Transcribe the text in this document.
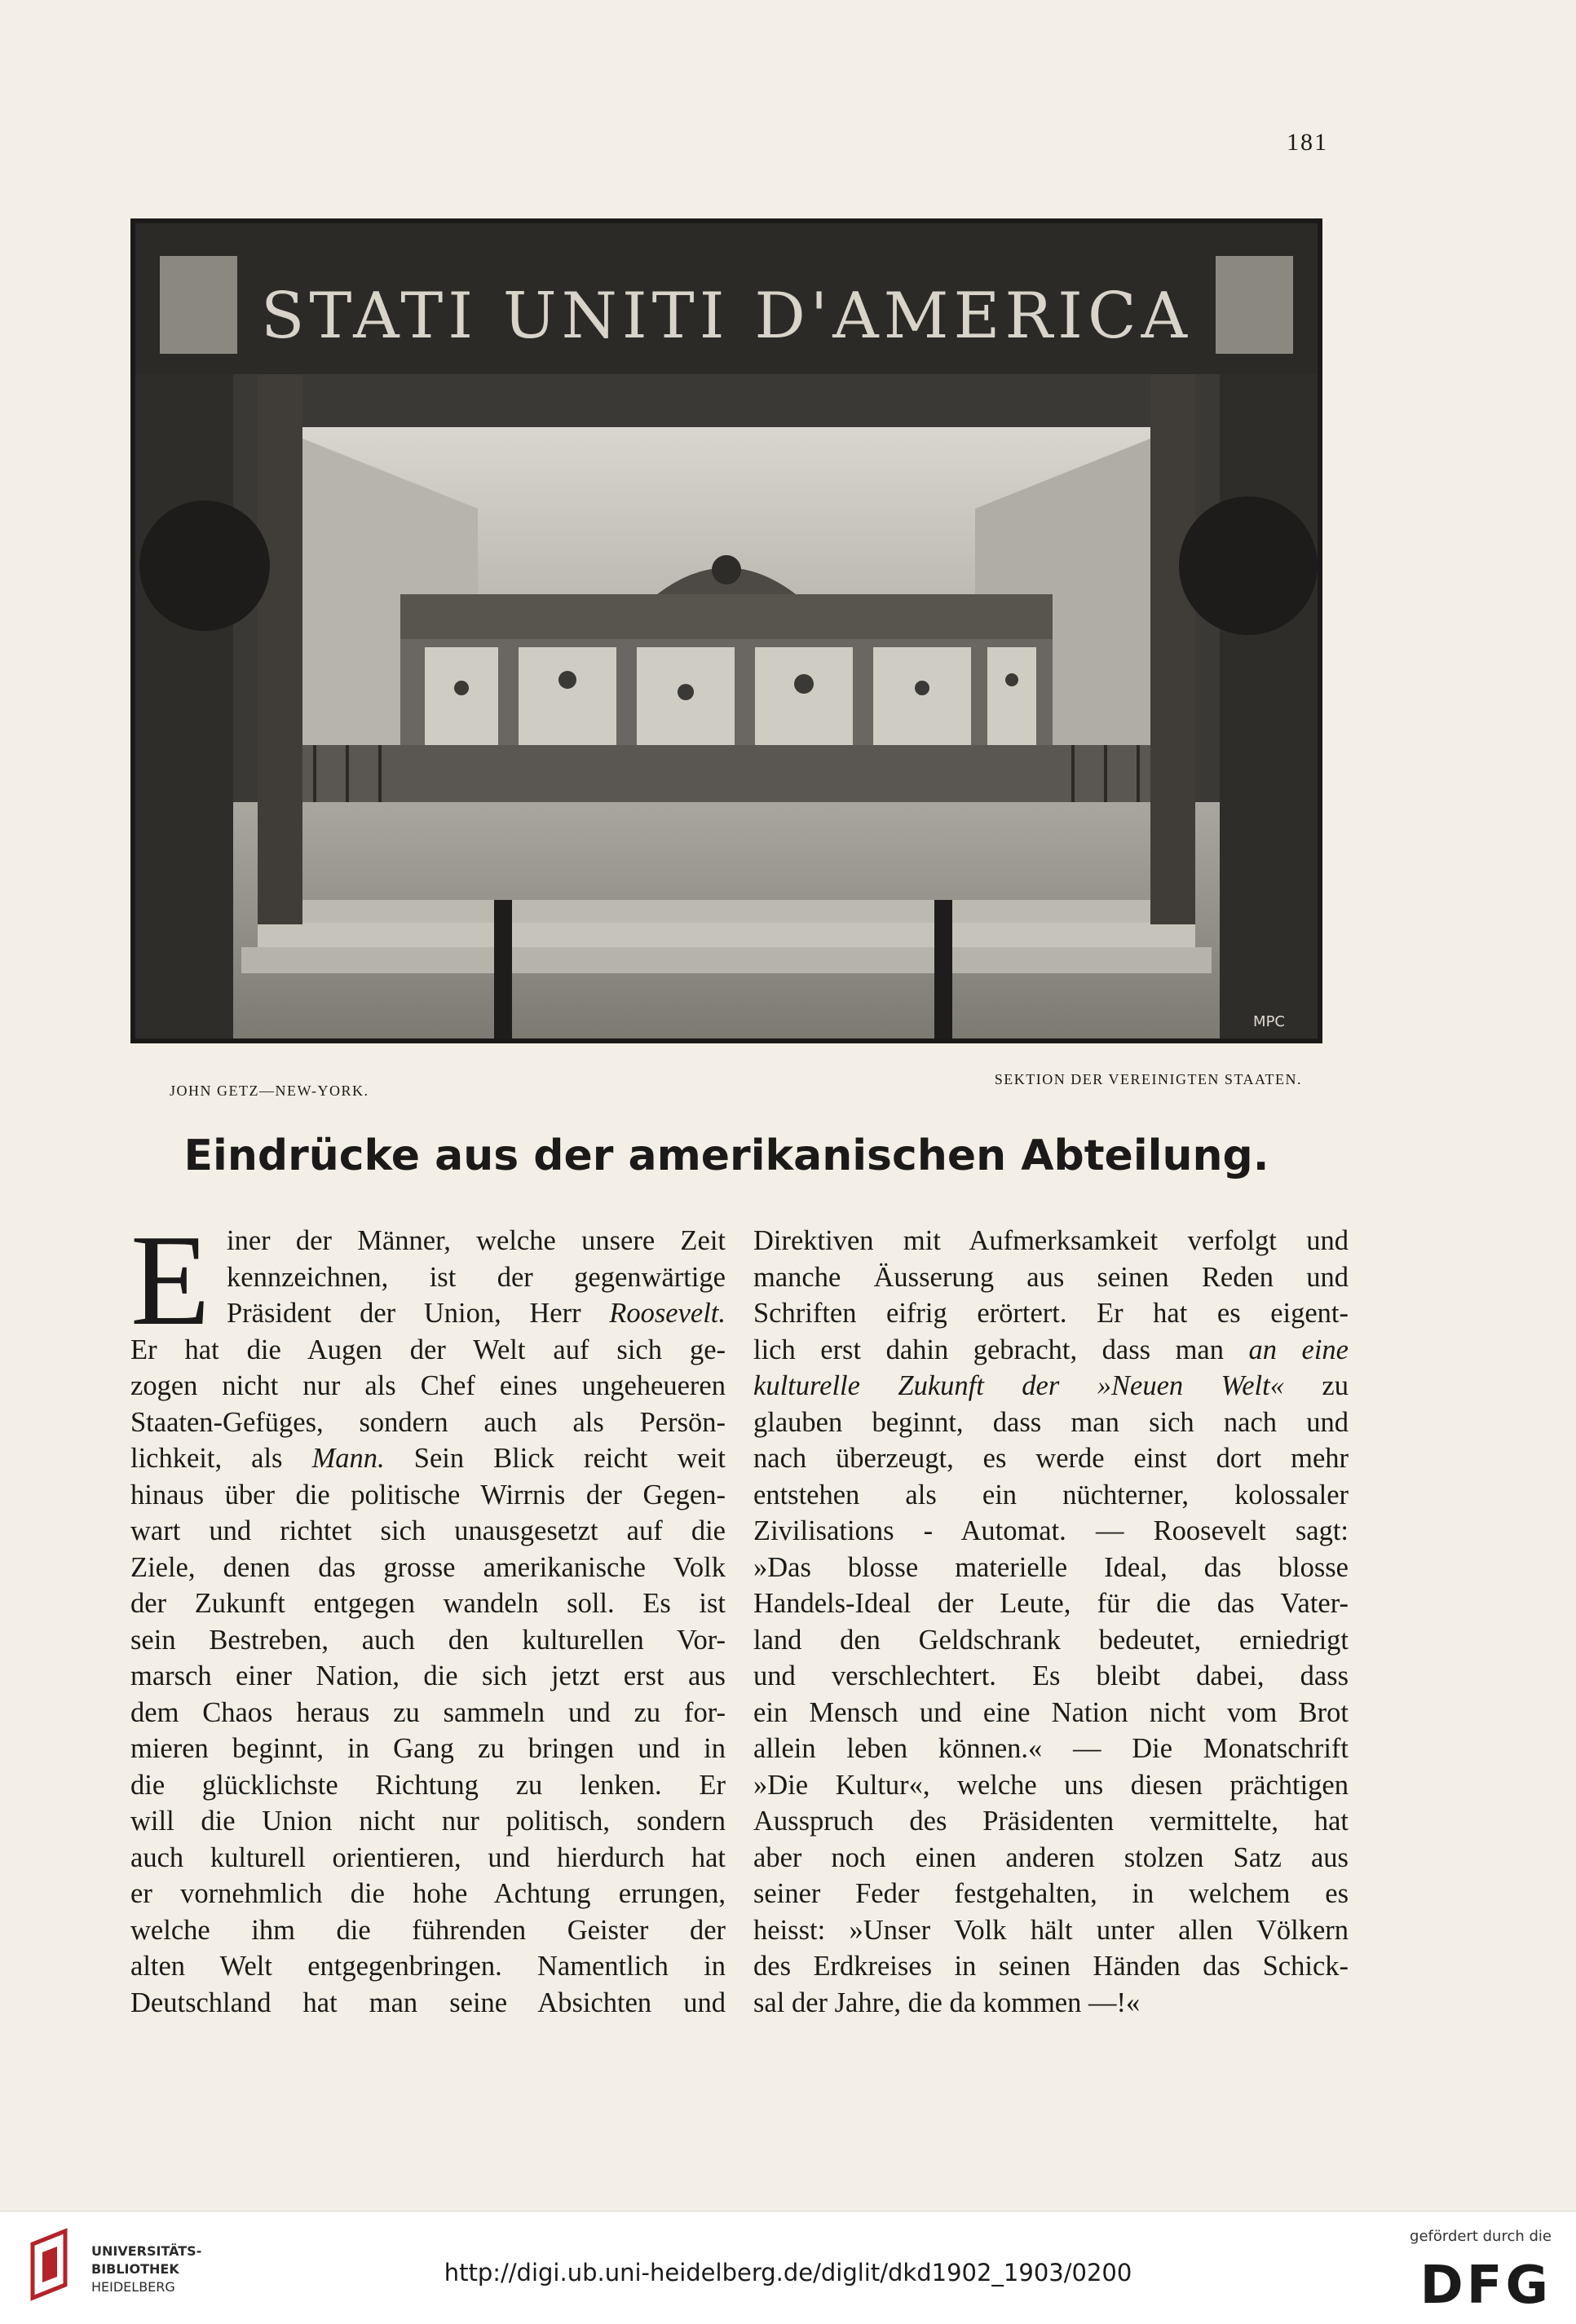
181
STATI UNITI D'AMERICA
MPC
JOHN GETZ—NEW-YORK.
SEKTION DER VEREINIGTEN STAATEN.
Eindrücke aus der amerikanischen Abteilung.
E iner der Männer, welche unsere Zeit
kennzeichnen, ist der gegenwärtige
Präsident der Union, Herr Roosevelt.
Er hat die Augen der Welt auf sich ge-
zogen nicht nur als Chef eines ungeheueren
Staaten-Gefüges, sondern auch als Persön-
lichkeit, als Mann. Sein Blick reicht weit
hinaus über die politische Wirrnis der Gegen-
wart und richtet sich unausgesetzt auf die
Ziele, denen das grosse amerikanische Volk
der Zukunft entgegen wandeln soll. Es ist
sein Bestreben, auch den kulturellen Vor-
marsch einer Nation, die sich jetzt erst aus
dem Chaos heraus zu sammeln und zu for-
mieren beginnt, in Gang zu bringen und in
die glücklichste Richtung zu lenken. Er
will die Union nicht nur politisch, sondern
auch kulturell orientieren, und hierdurch hat
er vornehmlich die hohe Achtung errungen,
welche ihm die führenden Geister der
alten Welt entgegenbringen. Namentlich in
Deutschland hat man seine Absichten und
Direktiven mit Aufmerksamkeit verfolgt und
manche Äusserung aus seinen Reden und
Schriften eifrig erörtert. Er hat es eigent-
lich erst dahin gebracht, dass man an eine
kulturelle Zukunft der »Neuen Welt« zu
glauben beginnt, dass man sich nach und
nach überzeugt, es werde einst dort mehr
entstehen als ein nüchterner, kolossaler
Zivilisations - Automat. — Roosevelt sagt:
»Das blosse materielle Ideal, das blosse
Handels-Ideal der Leute, für die das Vater-
land den Geldschrank bedeutet, erniedrigt
und verschlechtert. Es bleibt dabei, dass
ein Mensch und eine Nation nicht vom Brot
allein leben können.« — Die Monatschrift
»Die Kultur«, welche uns diesen prächtigen
Ausspruch des Präsidenten vermittelte, hat
aber noch einen anderen stolzen Satz aus
seiner Feder festgehalten, in welchem es
heisst: »Unser Volk hält unter allen Völkern
des Erdkreises in seinen Händen das Schick-
sal der Jahre, die da kommen —!«
UNIVERSITÄTS-
BIBLIOTHEK
HEIDELBERG
http://digi.ub.uni-heidelberg.de/diglit/dkd1902_1903/0200
gefördert durch die
DFG
